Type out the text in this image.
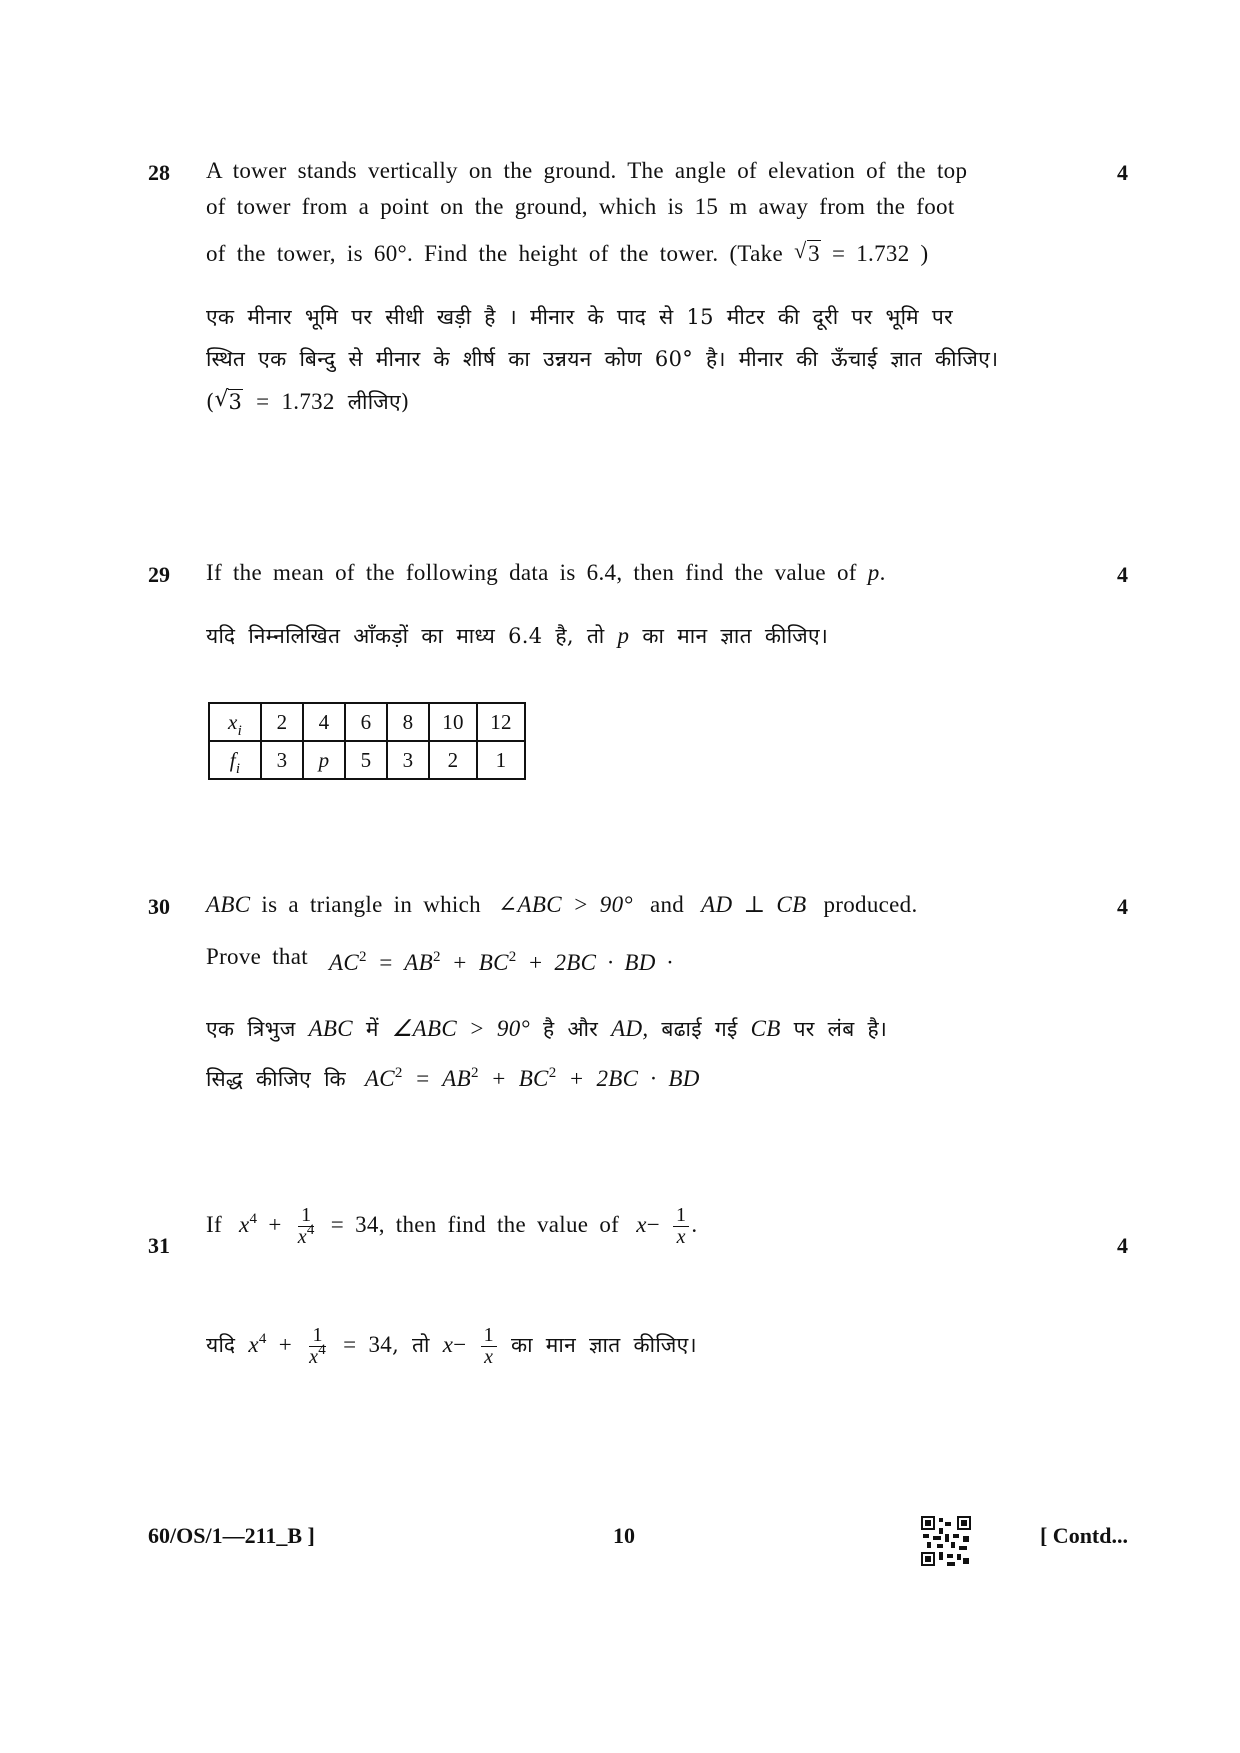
28	4
A tower stands vertically on the ground. The angle of elevation of the top
of tower from a point on the ground, which is 15 m away from the foot
of the tower, is 60°. Find the height of the tower. (Take √ 3 = 1.732 )
एक मीनार भूमि पर सीधी खड़ी है । मीनार के पाद से 15 मीटर की दूरी पर भूमि पर
स्थित एक बिन्दु से मीनार के शीर्ष का उन्नयन कोण 60° है। मीनार की ऊँचाई ज्ञात कीजिए।
( √ 3 = 1.732 लीजिए)
29	4
If the mean of the following data is 6.4, then find the value of p.
यदि निम्नलिखित आँकड़ों का माध्य 6.4 है, तो p का मान ज्ञात कीजिए।
$x_i$	2	4	6	8	10	12
$f_i$	3	p	5	3	2	1
30	4
ABC is a triangle in which ∠ABC > 90° and AD ⊥ CB produced.
Prove that $AC^2 = AB^2 + BC^2 + 2BC$ · BD ·
एक त्रिभुज ABC में ∠ABC > 90° है और AD, बढाई गई CB पर लंब है।
सिद्ध कीजिए कि $AC^2 = AB^2 + BC^2 + 2BC$ · BD
31	4
If $x^4 + \frac{1}{x^4} = 34$, then find the value of $x- \frac{1}{x}$ .
यदि $x^4 + \frac{1}{x^4} = 34$, तो $x- \frac{1}{x}$ का मान ज्ञात कीजिए।
60/OS/1—211_B ]	10	[ Contd...
